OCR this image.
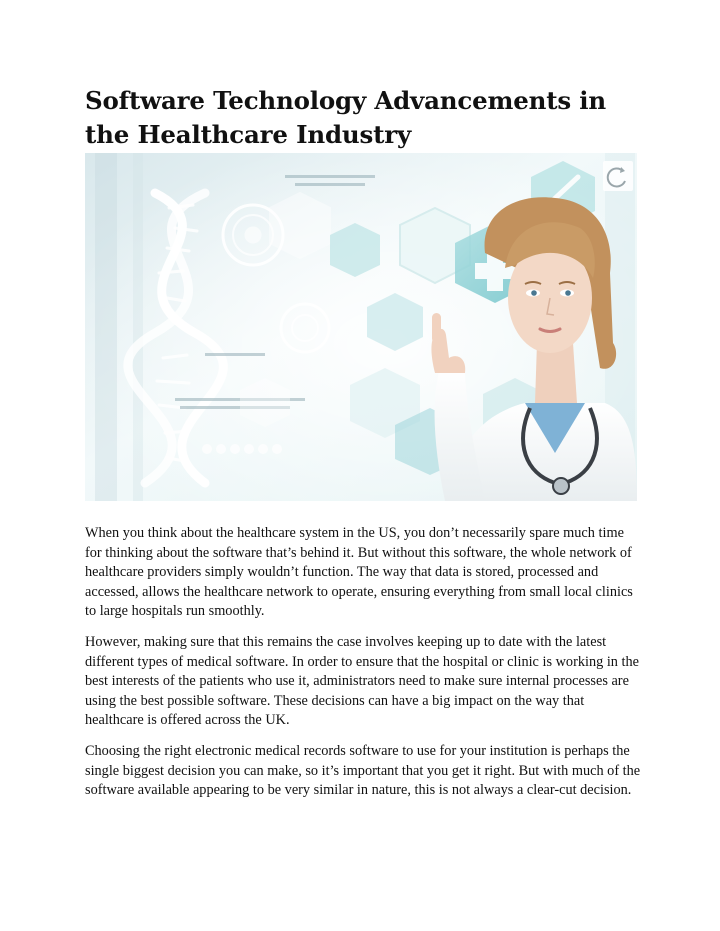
Software Technology Advancements in
the Healthcare Industry

When you think about the healthcare system in the US, you don’t necessarily spare much time for thinking about the software that’s behind it. But without this software, the whole network of healthcare providers simply wouldn’t function. The way that data is stored, processed and accessed, allows the healthcare network to operate, ensuring everything from small local clinics to large hospitals run smoothly.

However, making sure that this remains the case involves keeping up to date with the latest different types of medical software. In order to ensure that the hospital or clinic is working in the best interests of the patients who use it, administrators need to make sure internal processes are using the best possible software. These decisions can have a big impact on the way that healthcare is offered across the UK.

Choosing the right electronic medical records software to use for your institution is perhaps the single biggest decision you can make, so it’s important that you get it right. But with much of the software available appearing to be very similar in nature, this is not always a clear-cut decision.
